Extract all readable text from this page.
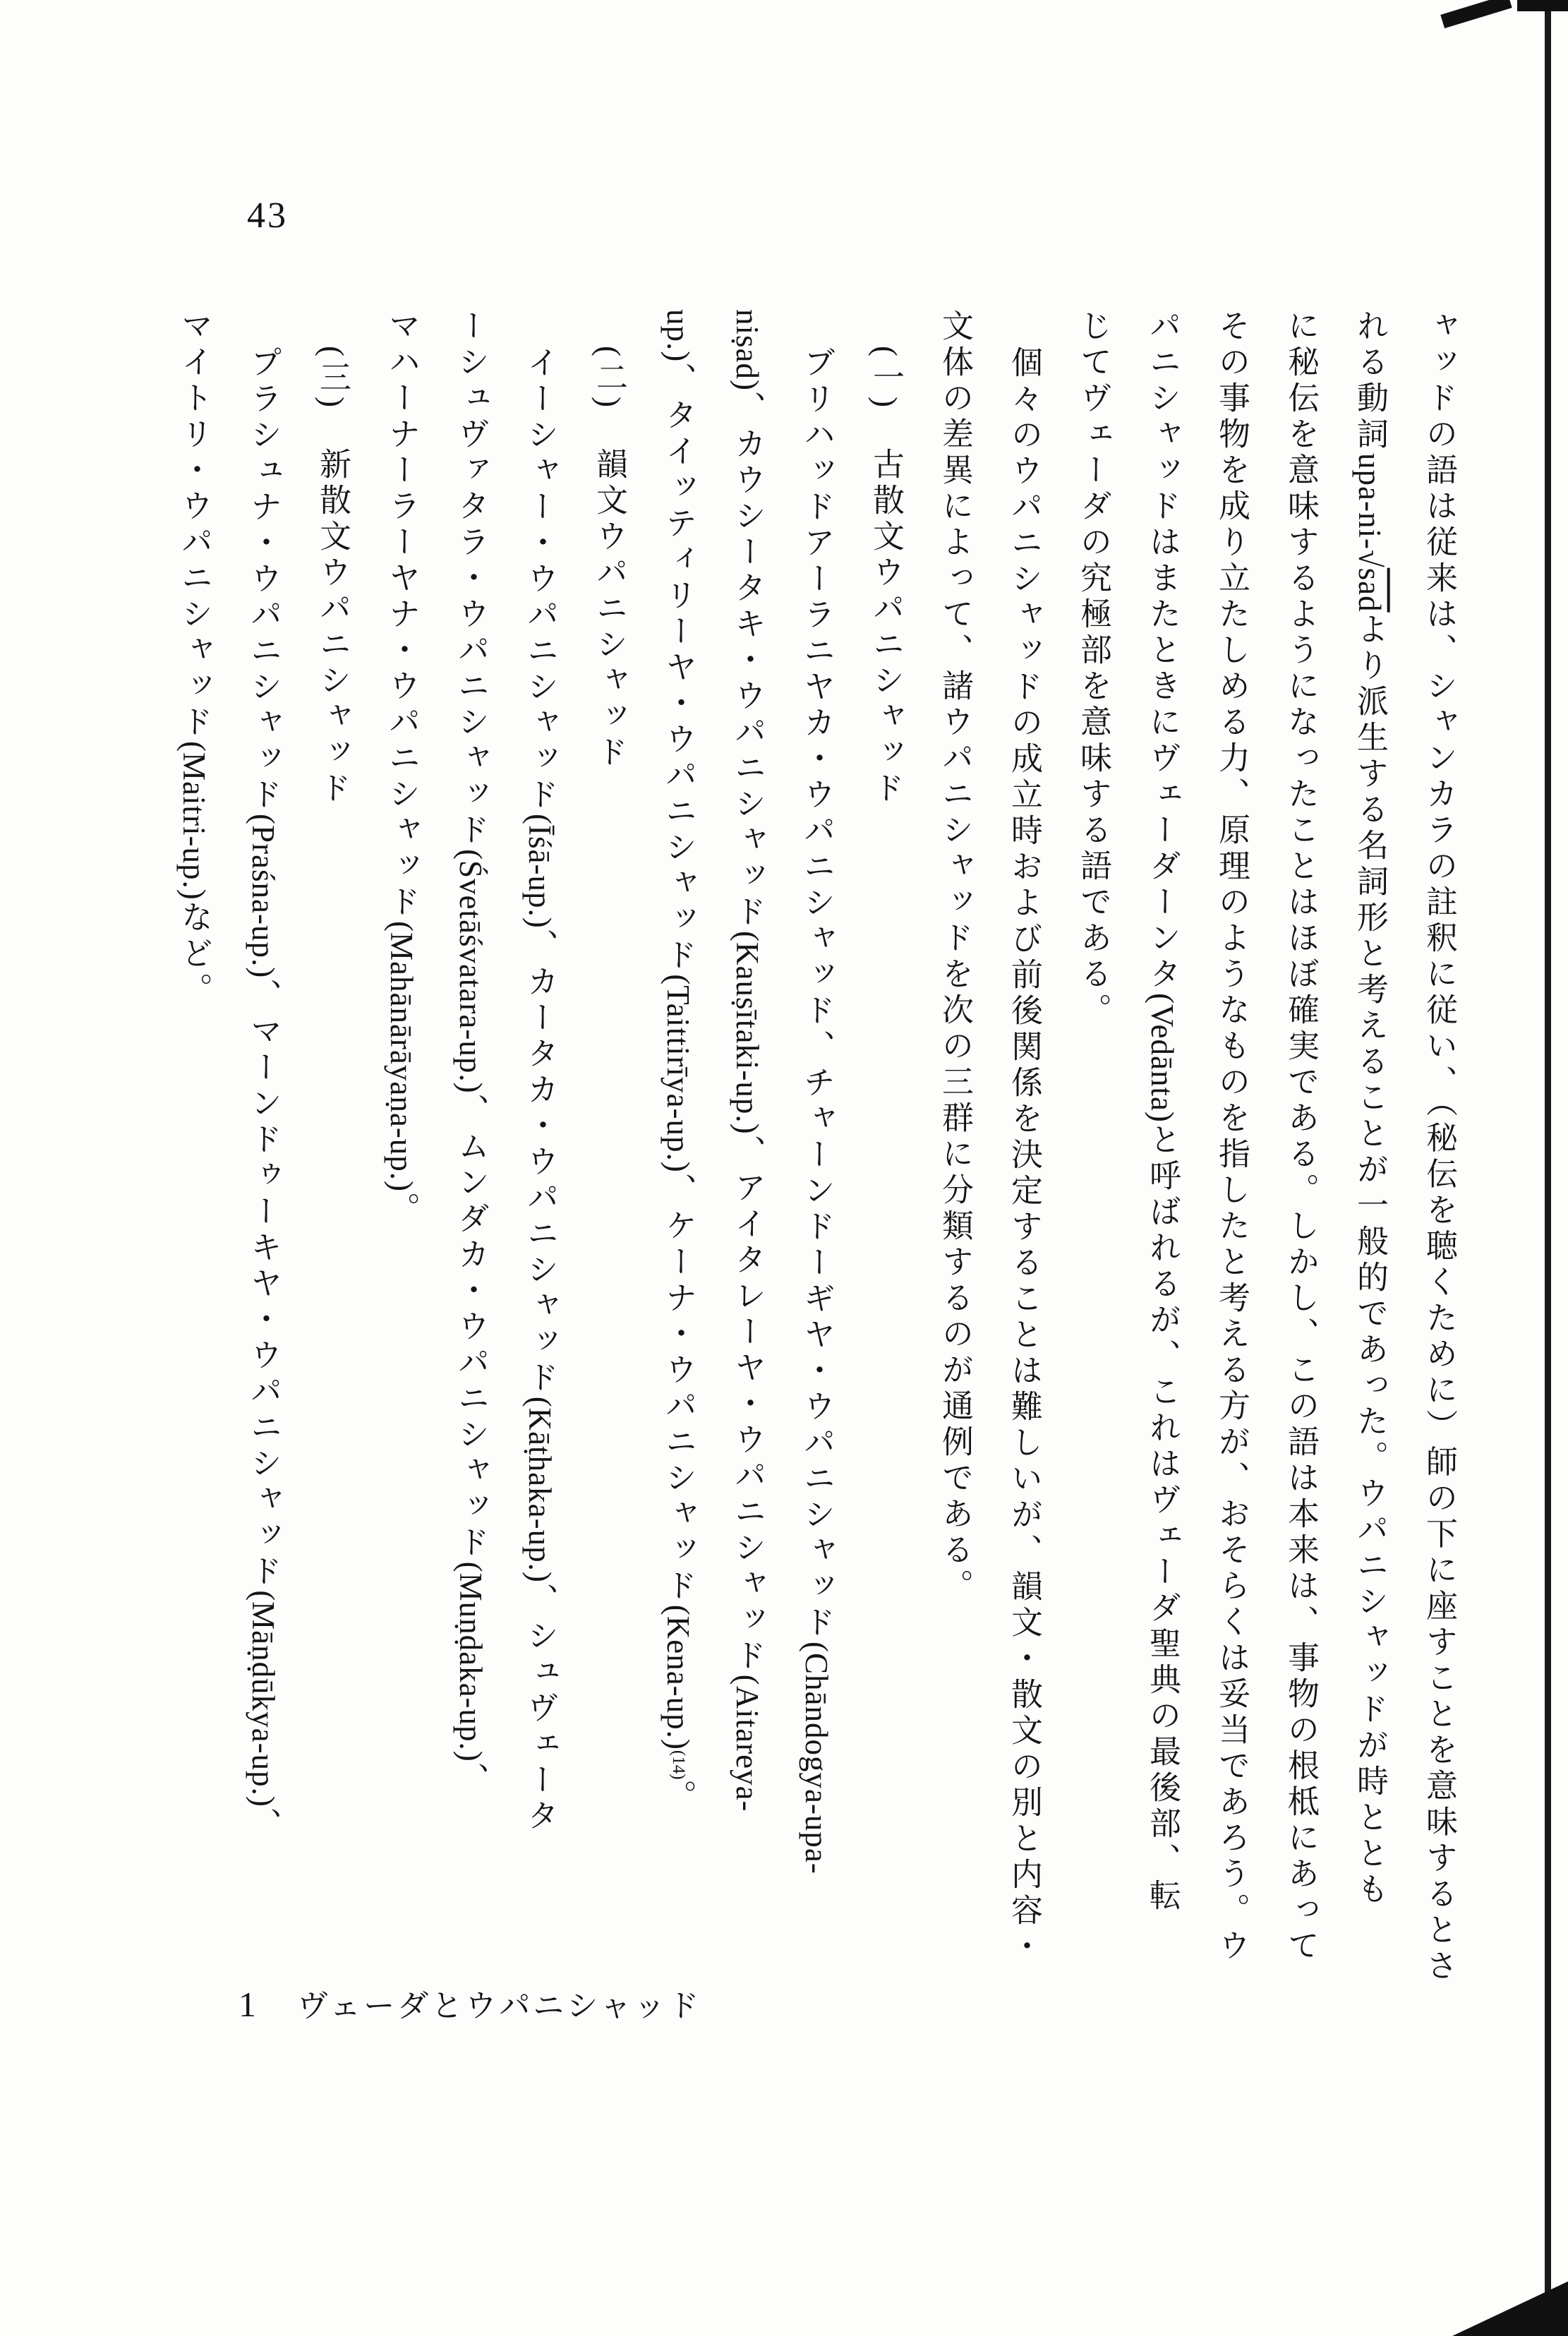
43
ャッドの語は従来は、シャンカラの註釈に従い、（秘伝を聴くために）師の下に座すことを意味するとさ
れる動詞upa-ni-√sadより派生する名詞形と考えることが一般的であった。ウパニシャッドが時ととも
に秘伝を意味するようになったことはほぼ確実である。しかし、この語は本来は、事物の根柢にあって
その事物を成り立たしめる力、原理のようなものを指したと考える方が、おそらくは妥当であろう。ウ
パニシャッドはまたときにヴェーダーンタ(Vedānta)と呼ばれるが、これはヴェーダ聖典の最後部、転
じてヴェーダの究極部を意味する語である。
個々のウパニシャッドの成立時および前後関係を決定することは難しいが、韻文・散文の別と内容・
文体の差異によって、諸ウパニシャッドを次の三群に分類するのが通例である。
(一)　古散文ウパニシャッド
ブリハッドアーラニヤカ・ウパニシャッド、チャーンドーギヤ・ウパニシャッド(Chāndogya-upa-
niṣad)、カウシータキ・ウパニシャッド(Kauṣītaki-up.)、アイタレーヤ・ウパニシャッド(Aitareya-
up.)、タイッティリーヤ・ウパニシャッド(Taittirīya-up.)、ケーナ・ウパニシャッド(Kena-up.)(14)。
(二)　韻文ウパニシャッド
イーシャー・ウパニシャッド(Īśā-up.)、カータカ・ウパニシャッド(Kāṭhaka-up.)、シュヴェータ
ーシュヴァタラ・ウパニシャッド(Śvetāśvatara-up.)、ムンダカ・ウパニシャッド(Muṇḍaka-up.)、
マハーナーラーヤナ・ウパニシャッド(Mahānārāyaṇa-up.)。
(三)　新散文ウパニシャッド
プラシュナ・ウパニシャッド(Praśna-up.)、マーンドゥーキヤ・ウパニシャッド(Māṇḍūkya-up.)、
マイトリ・ウパニシャッド(Maitri-up.)など。
1 ヴェーダとウパニシャッド
